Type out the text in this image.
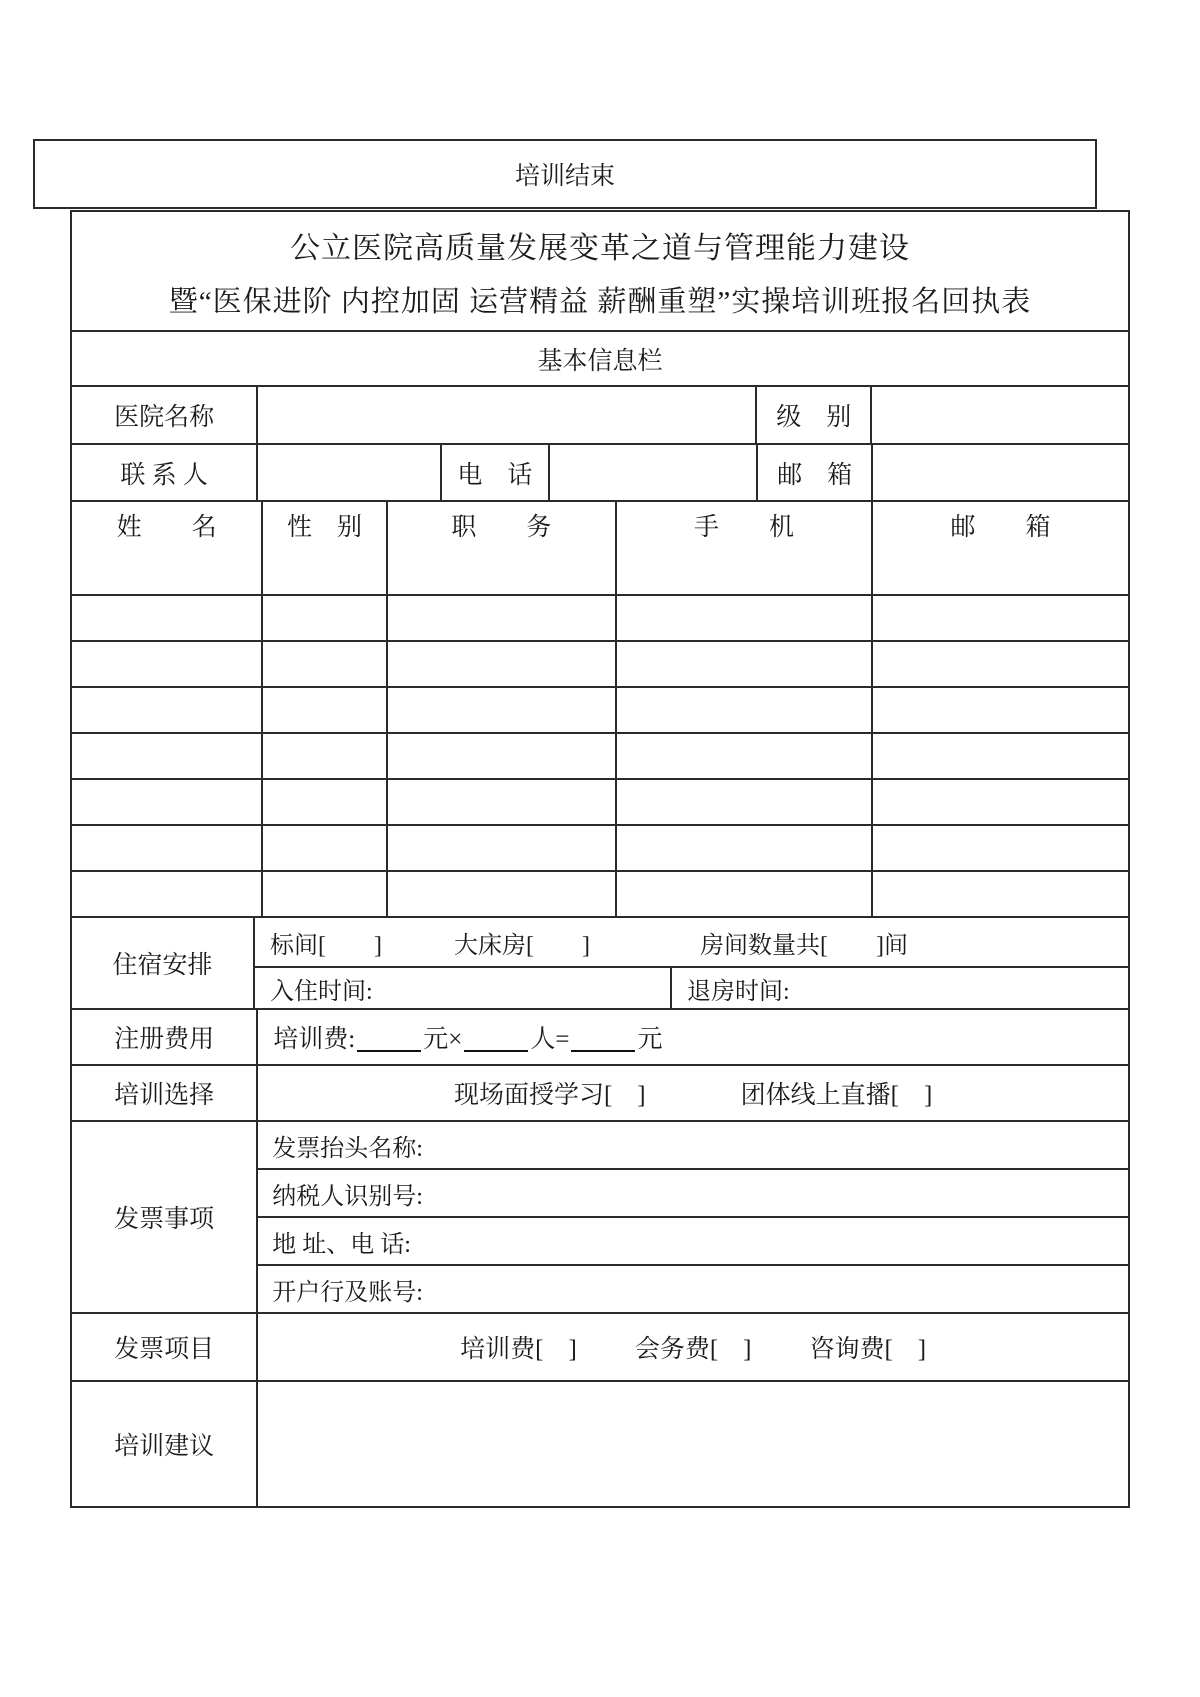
培训结束
公立医院高质量发展变革之道与管理能力建设
暨“医保进阶 内控加固 运营精益 薪酬重塑”实操培训班报名回执表
基本信息栏
医院名称	级　别
联 系 人	电　话	邮　箱
姓　　名	性　别	职　　务	手　　机	邮　　箱
住宿安排
标间[　　]	大床房[　　]	房间数量共[　　]间
入住时间:	退房时间:
注册费用	培训费:	元×	人=	元
培训选择	现场面授学习[　]	团体线上直播[　]
发票事项
发票抬头名称:
纳税人识别号:
地 址、电 话:
开户行及账号:
发票项目	培训费[　] 会务费[　] 咨询费[　]
培训建议
